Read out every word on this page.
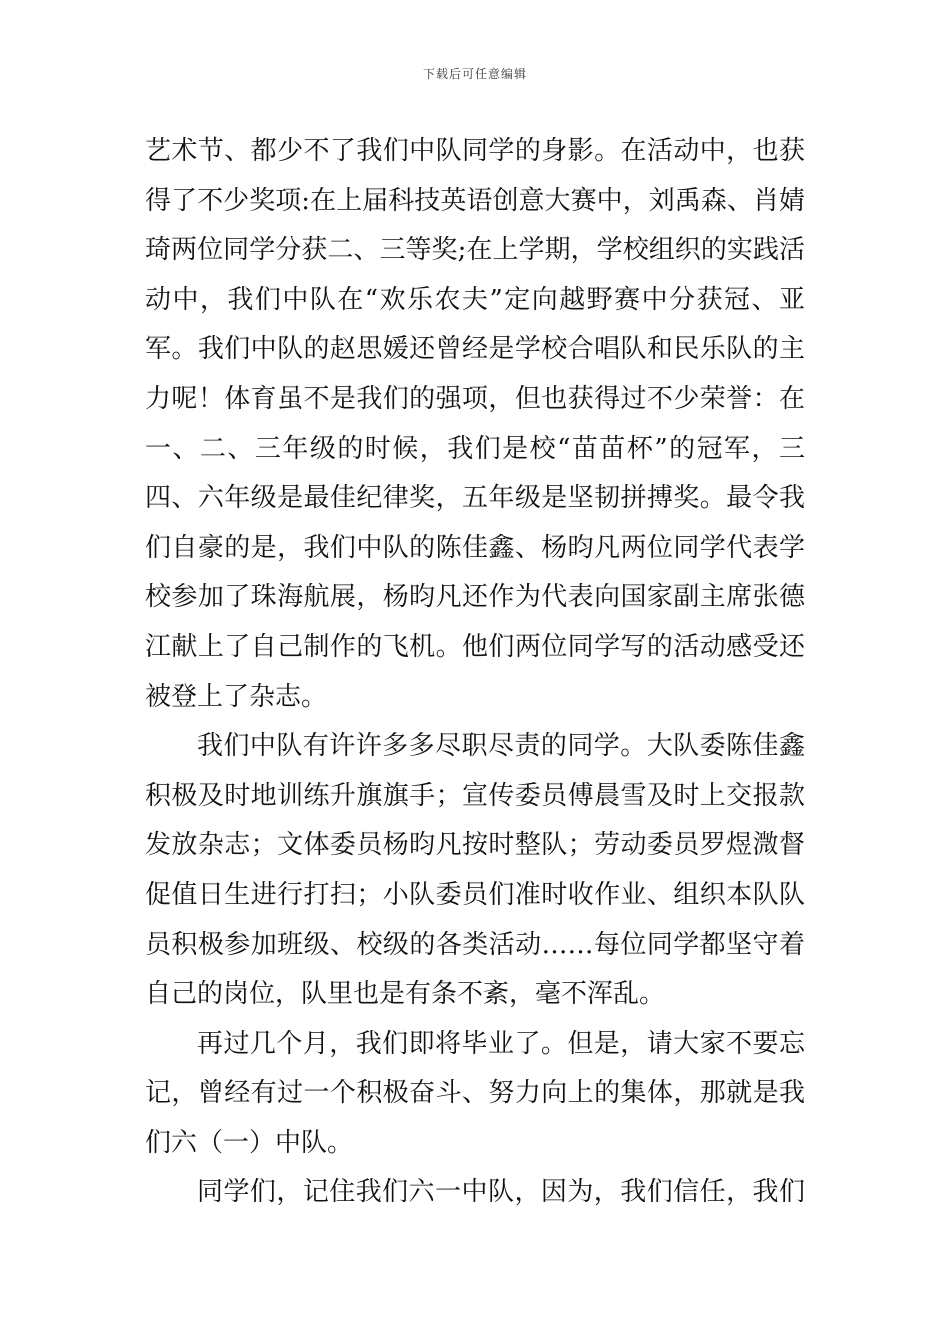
下载后可任意编辑
艺术节、都少不了我们中队同学的身影。在活动中，也获
得了不少奖项:在上届科技英语创意大赛中，刘禹森、肖婧
琦两位同学分获二、三等奖;在上学期，学校组织的实践活
动中，我们中队在“欢乐农夫”定向越野赛中分获冠、亚
军。我们中队的赵思媛还曾经是学校合唱队和民乐队的主
力呢！体育虽不是我们的强项，但也获得过不少荣誉：在
一、二、三年级的时候，我们是校“苗苗杯”的冠军，三
四、六年级是最佳纪律奖，五年级是坚韧拼搏奖。最令我
们自豪的是，我们中队的陈佳鑫、杨昀凡两位同学代表学
校参加了珠海航展，杨昀凡还作为代表向国家副主席张德
江献上了自己制作的飞机。他们两位同学写的活动感受还
被登上了杂志。
我们中队有许许多多尽职尽责的同学。大队委陈佳鑫
积极及时地训练升旗旗手；宣传委员傅晨雪及时上交报款
发放杂志；文体委员杨昀凡按时整队；劳动委员罗煜溦督
促值日生进行打扫；小队委员们准时收作业、组织本队队
员积极参加班级、校级的各类活动……每位同学都坚守着
自己的岗位，队里也是有条不紊，毫不浑乱。
再过几个月，我们即将毕业了。但是，请大家不要忘
记，曾经有过一个积极奋斗、努力向上的集体，那就是我
们六（一）中队。
同学们，记住我们六一中队，因为，我们信任，我们
